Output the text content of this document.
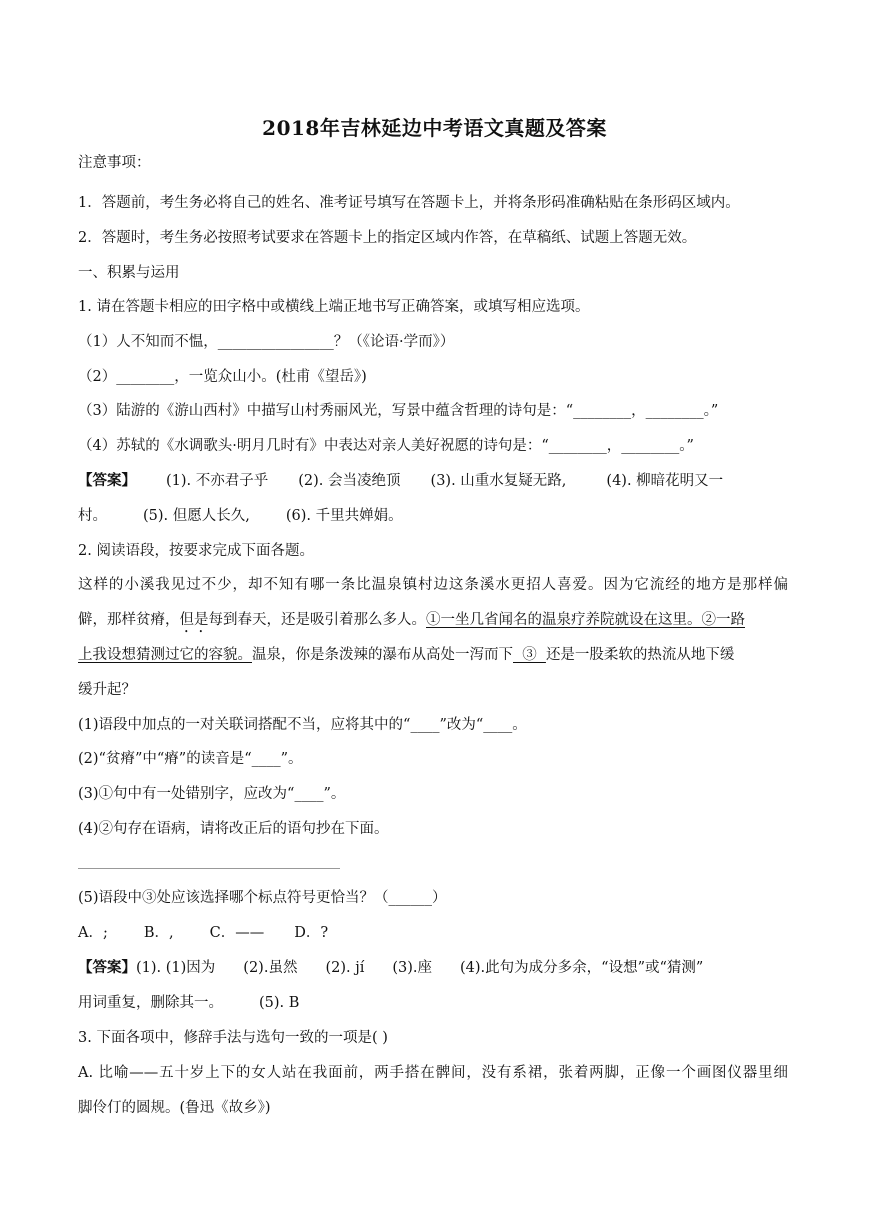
2018年吉林延边中考语文真题及答案
注意事项：
1．答题前，考生务必将自己的姓名、准考证号填写在答题卡上，并将条形码准确粘贴在条形码区域内。
2．答题时，考生务必按照考试要求在答题卡上的指定区域内作答，在草稿纸、试题上答题无效。
一、积累与运用
1. 请在答题卡相应的田字格中或横线上端正地书写正确答案，或填写相应选项。
（1）人不知而不愠，________________？（《论语·学而》）
（2）________，一览众山小。(杜甫《望岳》)
（3）陆游的《游山西村》中描写山村秀丽风光，写景中蕴含哲理的诗句是：“________，________。”
（4）苏轼的《水调歌头·明月几时有》中表达对亲人美好祝愿的诗句是：“________，________。”
【答案】 (1). 不亦君子乎 (2). 会当凌绝顶 (3). 山重水复疑无路,	(4). 柳暗花明又一
村。 (5). 但愿人长久, (6). 千里共婵娟。
2. 阅读语段，按要求完成下面各题。
这样的小溪我见过不少，却不知有哪一条比温泉镇村边这条溪水更招人喜爱。因为它流经的地方是那样偏
僻，那样贫瘠，但是每到春天，还是吸引着那么多人。①一坐几省闻名的温泉疗养院就设在这里。②一路
上我设想猜测过它的容貌。温泉，你是条泼辣的瀑布从高处一泻而下  ③  还是一股柔软的热流从地下缓
缓升起？
(1)语段中加点的一对关联词搭配不当，应将其中的“____”改为“____。
(2)“贫瘠”中“瘠”的读音是“____”。
(3)①句中有一处错别字，应改为“____”。
(4)②句存在语病，请将改正后的语句抄在下面。
(5)语段中③处应该选择哪个标点符号更恰当？（______）
A．; B．, C．—— D．?
【答案】(1). (1)因为 (2).虽然 (2). jí (3).座 (4).此句为成分多余，“设想”或“猜测”
用词重复，删除其一。 (5). B
3. 下面各项中，修辞手法与选句一致的一项是( )
A. 比喻——五十岁上下的女人站在我面前，两手搭在髀间，没有系裙，张着两脚，正像一个画图仪器里细
脚伶仃的圆规。(鲁迅《故乡》)
